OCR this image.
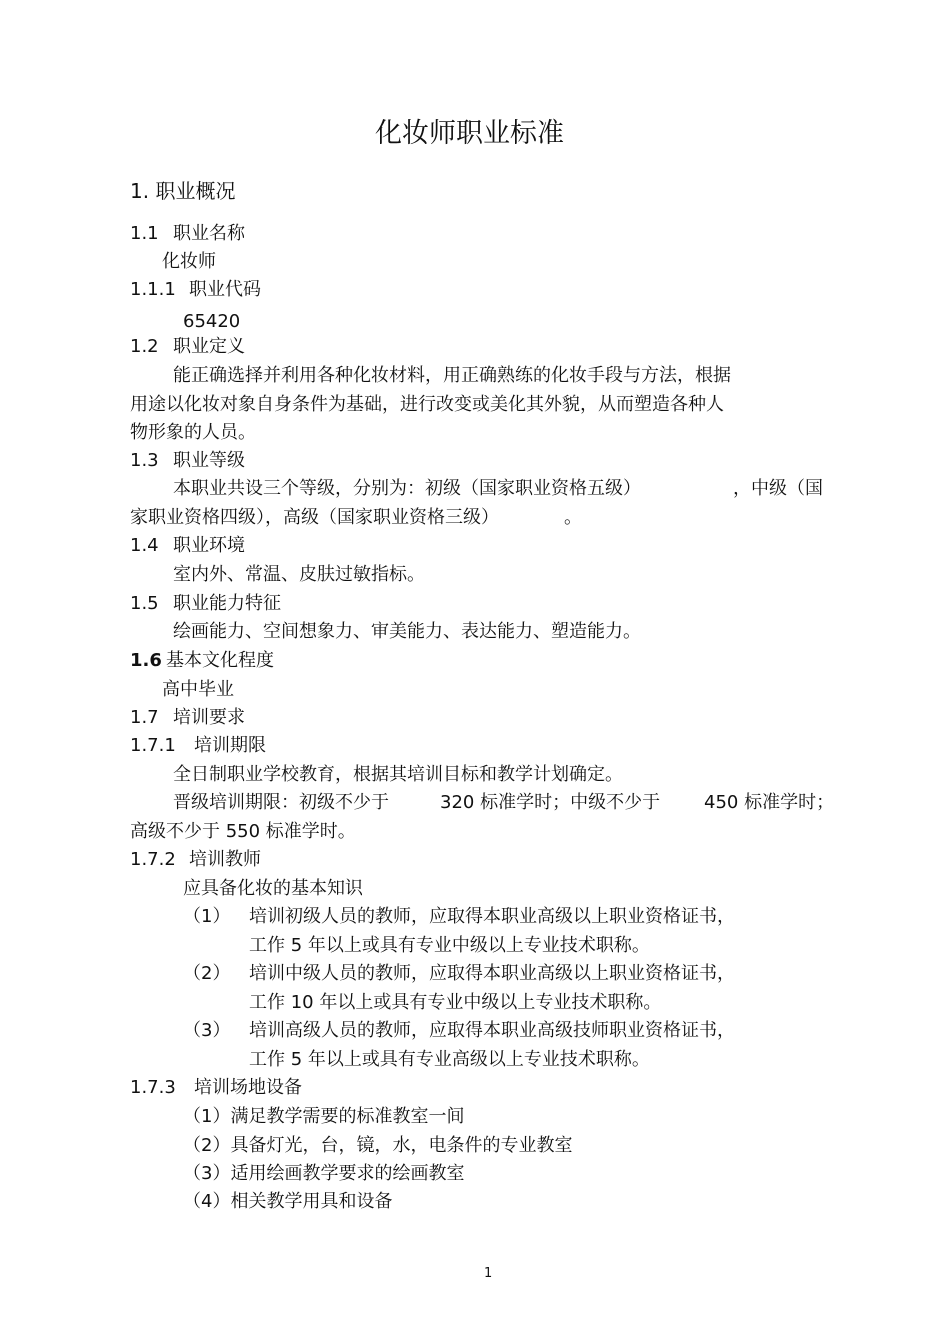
化妆师职业标准
1. 职业概况
1.1 职业名称
化妆师
1.1.1 职业代码
65420
1.2 职业定义
能正确选择并利用各种化妆材料，用正确熟练的化妆手段与方法，根据
用途以化妆对象自身条件为基础，进行改变或美化其外貌，从而塑造各种人
物形象的人员。
1.3 职业等级
本职业共设三个等级，分别为：初级（国家职业资格五级）	，中级（国
家职业资格四级），高级（国家职业资格三级）	。
1.4 职业环境
室内外、常温、皮肤过敏指标。
1.5 职业能力特征
绘画能力、空间想象力、审美能力、表达能力、塑造能力。
1.6 基本文化程度
高中毕业
1.7 培训要求
1.7.1 培训期限
全日制职业学校教育，根据其培训目标和教学计划确定。
晋级培训期限：初级不少于	320 标准学时；中级不少于 450 标准学时；
高级不少于 550 标准学时。
1.7.2 培训教师
应具备化妆的基本知识
（1） 培训初级人员的教师，应取得本职业高级以上职业资格证书，
工作 5 年以上或具有专业中级以上专业技术职称。
（2） 培训中级人员的教师，应取得本职业高级以上职业资格证书，
工作 10 年以上或具有专业中级以上专业技术职称。
（3） 培训高级人员的教师，应取得本职业高级技师职业资格证书，
工作 5 年以上或具有专业高级以上专业技术职称。
1.7.3 培训场地设备
（1）满足教学需要的标准教室一间
（2）具备灯光，台，镜，水，电条件的专业教室
（3）适用绘画教学要求的绘画教室
（4）相关教学用具和设备
1
